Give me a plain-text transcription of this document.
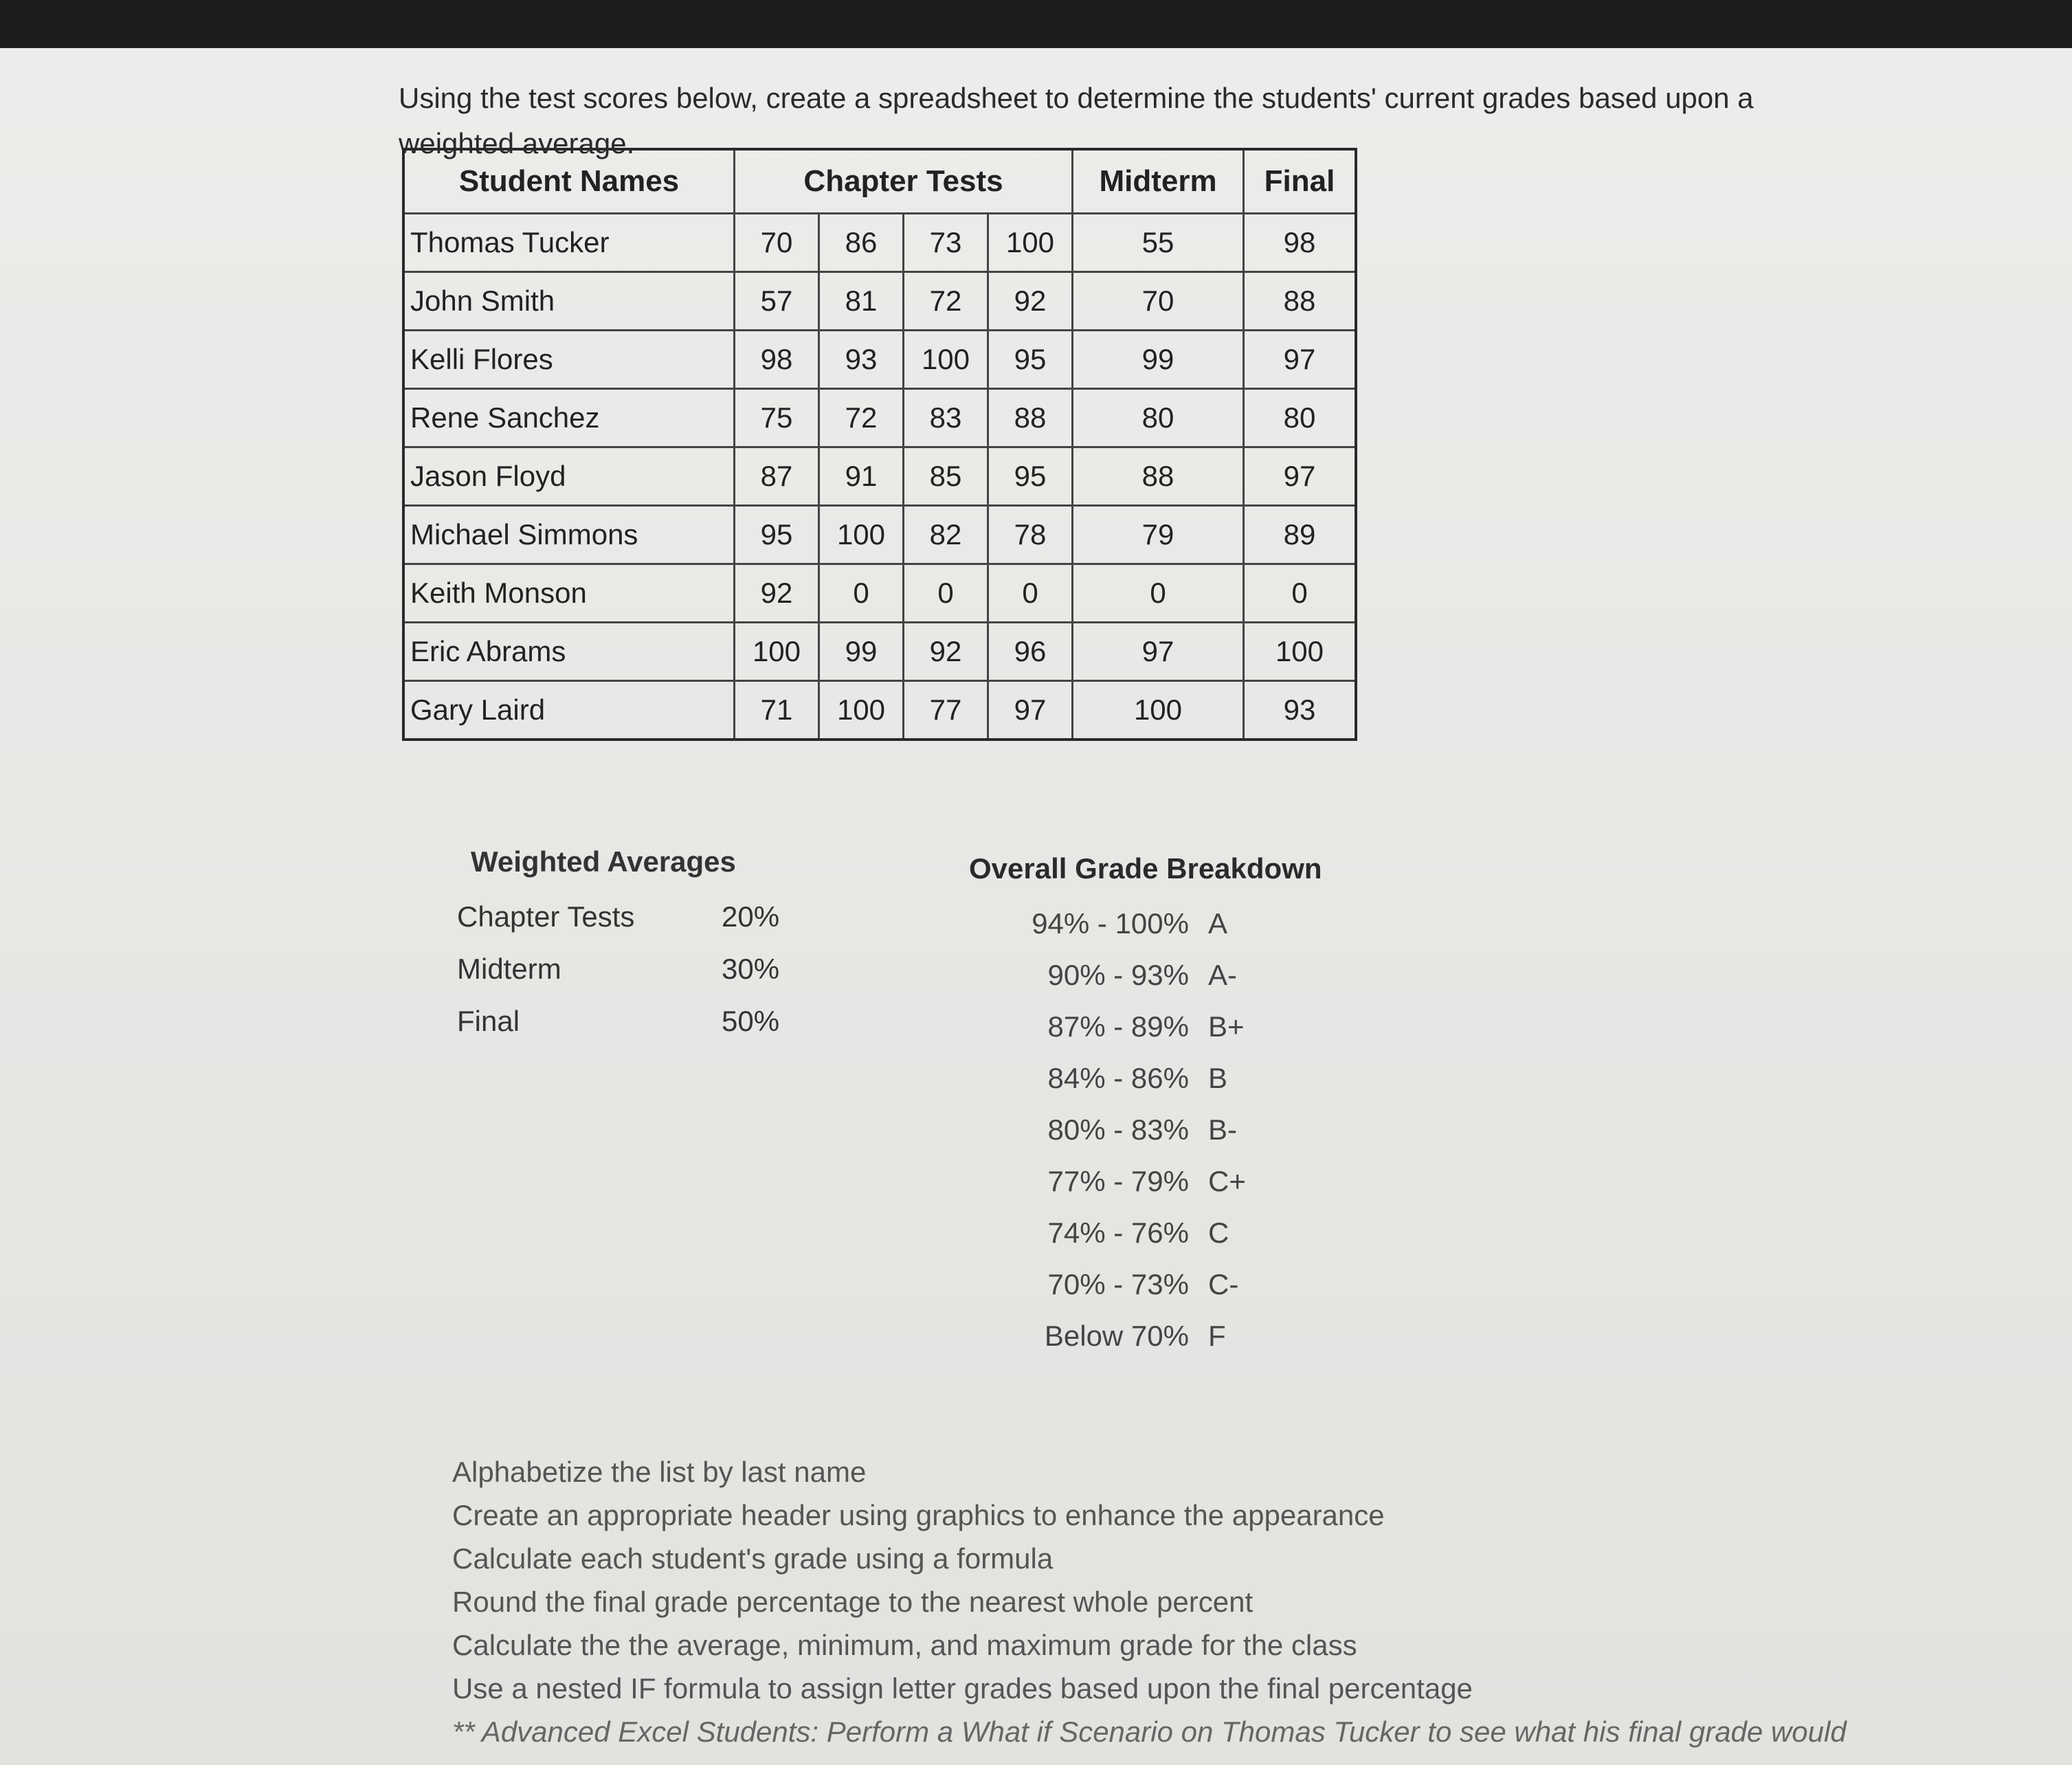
Using the test scores below, create a spreadsheet to determine the students' current grades based upon a weighted average.
Student Names	Chapter Tests				Midterm	Final
Thomas Tucker	70	86	73	100	55	98
John Smith	57	81	72	92	70	88
Kelli Flores	98	93	100	95	99	97
Rene Sanchez	75	72	83	88	80	80
Jason Floyd	87	91	85	95	88	97
Michael Simmons	95	100	82	78	79	89
Keith Monson	92	0	0	0	0	0
Eric Abrams	100	99	92	96	97	100
Gary Laird	71	100	77	97	100	93
Weighted Averages
Chapter Tests	20%
Midterm	30%
Final	50%
Overall Grade Breakdown
94% - 100% A
90% - 93% A-
87% - 89% B+
84% - 86% B
80% - 83% B-
77% - 79% C+
74% - 76% C
70% - 73% C-
Below 70% F
• Alphabetize the list by last name
• Create an appropriate header using graphics to enhance the appearance
• Calculate each student's grade using a formula
• Round the final grade percentage to the nearest whole percent
• Calculate the the average, minimum, and maximum grade for the class
• Use a nested IF formula to assign letter grades based upon the final percentage
• ** Advanced Excel Students: Perform a What if Scenario on Thomas Tucker to see what his final grade would
